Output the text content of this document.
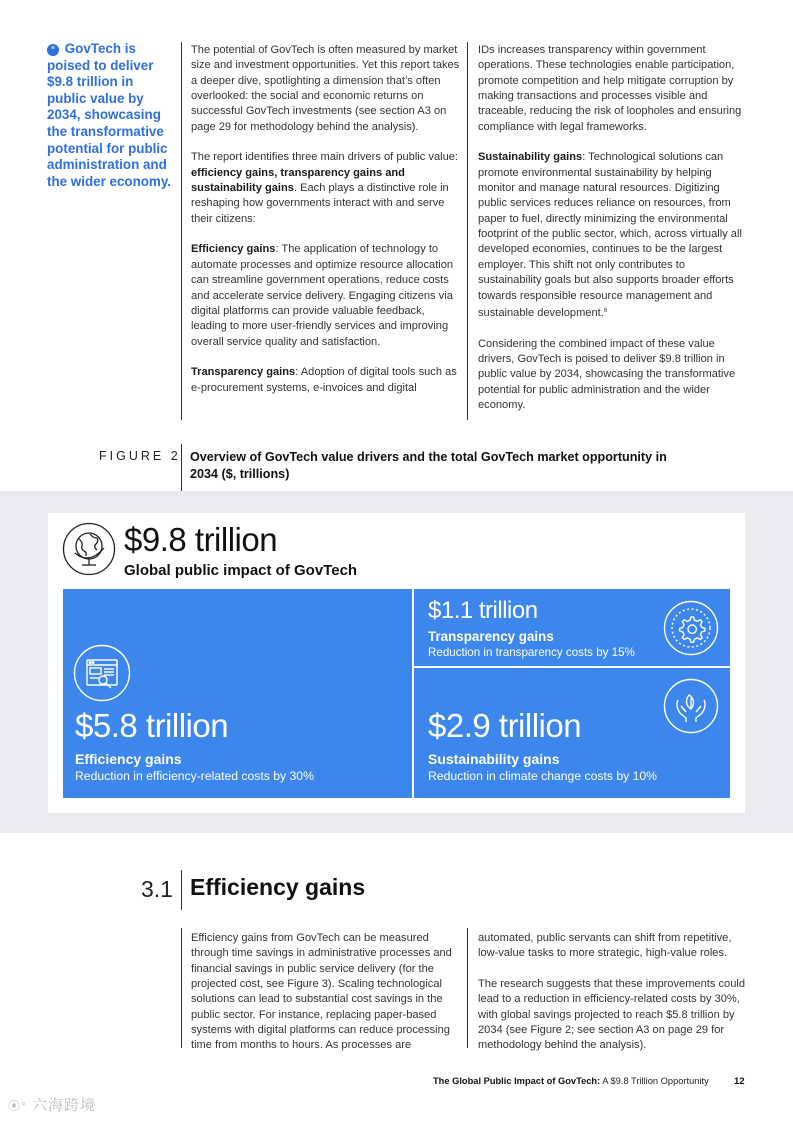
“ GovTech is poised to deliver $9.8 trillion in public value by 2034, showcasing the transformative potential for public administration and the wider economy.

The potential of GovTech is often measured by market size and investment opportunities. Yet this report takes a deeper dive, spotlighting a dimension that’s often overlooked: the social and economic returns on successful GovTech investments (see section A3 on page 29 for methodology behind the analysis).

The report identifies three main drivers of public value: efficiency gains, transparency gains and sustainability gains. Each plays a distinctive role in reshaping how governments interact with and serve their citizens:

Efficiency gains: The application of technology to automate processes and optimize resource allocation can streamline government operations, reduce costs and accelerate service delivery. Engaging citizens via digital platforms can provide valuable feedback, leading to more user-friendly services and improving overall service quality and satisfaction.

Transparency gains: Adoption of digital tools such as e-procurement systems, e-invoices and digital

IDs increases transparency within government operations. These technologies enable participation, promote competition and help mitigate corruption by making transactions and processes visible and traceable, reducing the risk of loopholes and ensuring compliance with legal frameworks.

Sustainability gains: Technological solutions can promote environmental sustainability by helping monitor and manage natural resources. Digitizing public services reduces reliance on resources, from paper to fuel, directly minimizing the environmental footprint of the public sector, which, across virtually all developed economies, continues to be the largest employer. This shift not only contributes to sustainability goals but also supports broader efforts towards responsible resource management and sustainable development.$^6$

Considering the combined impact of these value drivers, GovTech is poised to deliver $9.8 trillion in public value by 2034, showcasing the transformative potential for public administration and the wider economy.

FIGURE 2 Overview of GovTech value drivers and the total GovTech market opportunity in 2034 ($, trillions)
$9.8 trillion
Global public impact of GovTech
$5.8 trillion
Efficiency gains
Reduction in efficiency-related costs by 30%
$1.1 trillion
Transparency gains
Reduction in transparency costs by 15%
$2.9 trillion
Sustainability gains
Reduction in climate change costs by 10%
3.1 Efficiency gains

Efficiency gains from GovTech can be measured through time savings in administrative processes and financial savings in public service delivery (for the projected cost, see Figure 3). Scaling technological solutions can lead to substantial cost savings in the public sector. For instance, replacing paper-based systems with digital platforms can reduce processing time from months to hours. As processes are

automated, public servants can shift from repetitive, low-value tasks to more strategic, high-value roles.

The research suggests that these improvements could lead to a reduction in efficiency-related costs by 30%, with global savings projected to reach $5.8 trillion by 2034 (see Figure 2; see section A3 on page 29 for methodology behind the analysis).

The Global Public Impact of GovTech: A $9.8 Trillion Opportunity	12
⦿° 六海跨境
